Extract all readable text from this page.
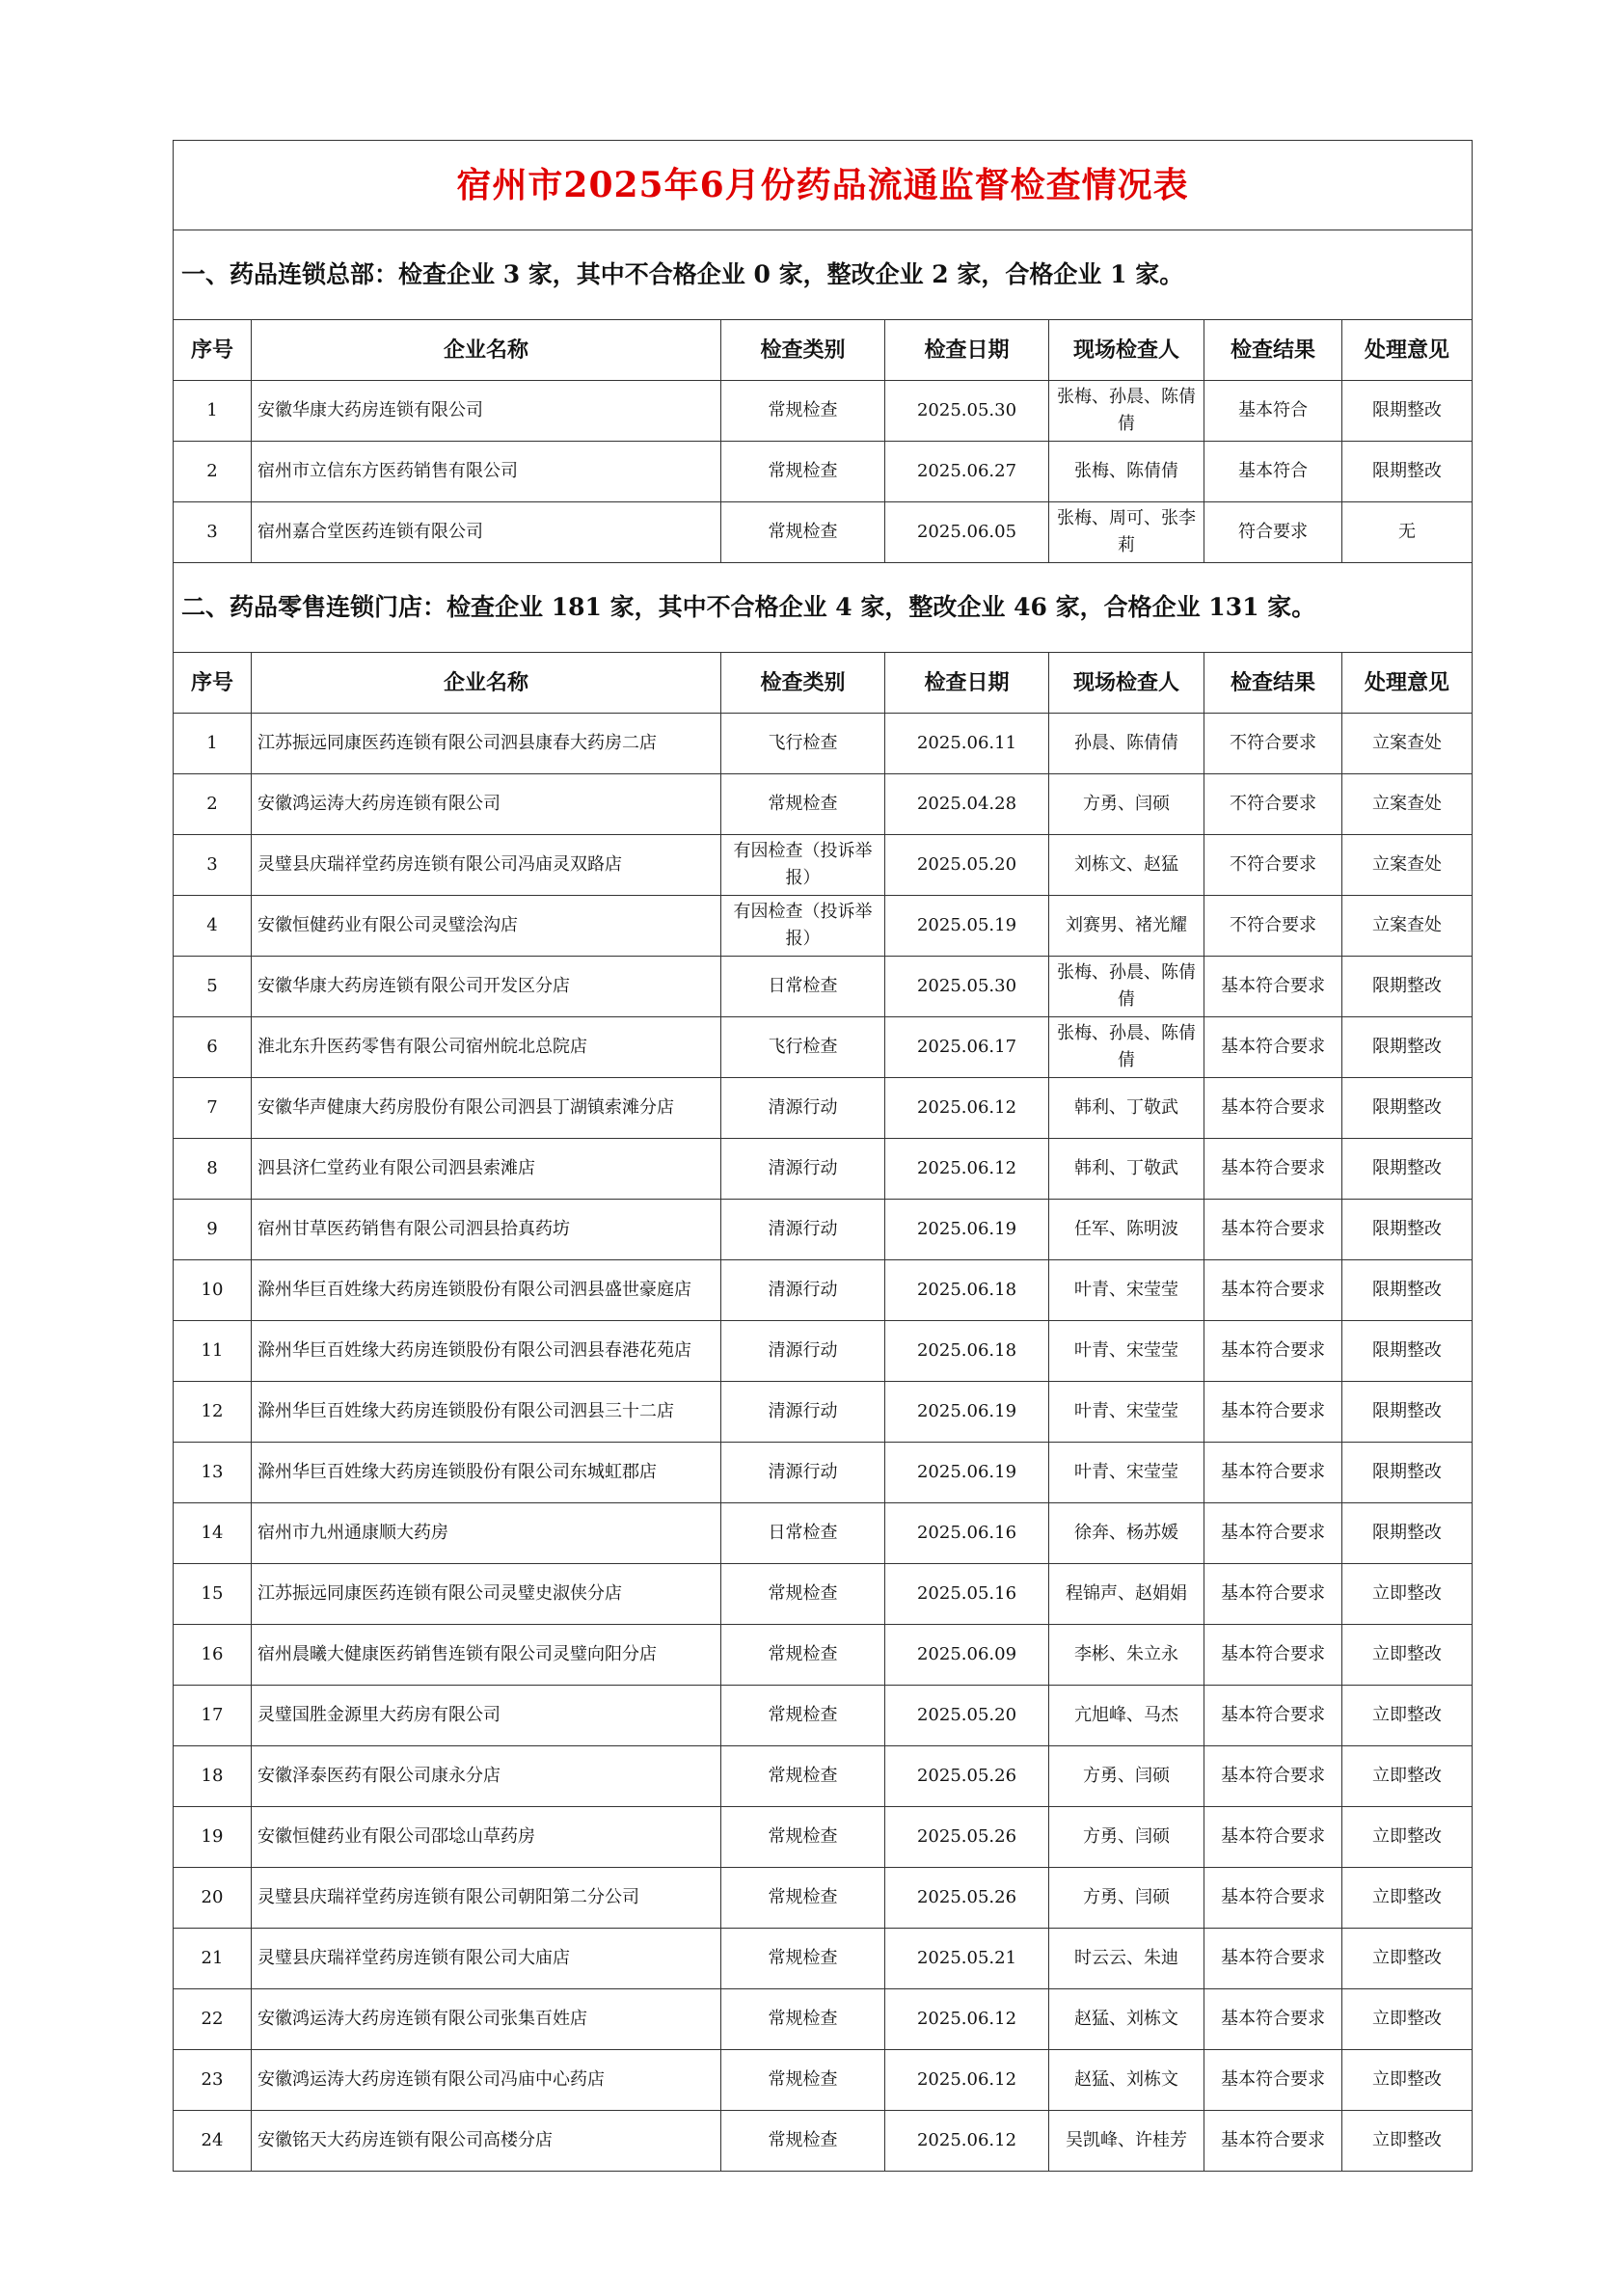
宿州市2025年6月份药品流通监督检查情况表						
一、药品连锁总部：检查企业 3 家，其中不合格企业 0 家，整改企业 2 家，合格企业 1 家。						
序号	企业名称	检查类别	检查日期	现场检查人	检查结果	处理意见
1	安徽华康大药房连锁有限公司	常规检查	2025.05.30	张梅、孙晨、陈倩倩	基本符合	限期整改
2	宿州市立信东方医药销售有限公司	常规检查	2025.06.27	张梅、陈倩倩	基本符合	限期整改
3	宿州嘉合堂医药连锁有限公司	常规检查	2025.06.05	张梅、周可、张李莉	符合要求	无
二、药品零售连锁门店：检查企业 181 家，其中不合格企业 4 家，整改企业 46 家，合格企业 131 家。						
序号	企业名称	检查类别	检查日期	现场检查人	检查结果	处理意见
1	江苏振远同康医药连锁有限公司泗县康春大药房二店	飞行检查	2025.06.11	孙晨、陈倩倩	不符合要求	立案查处
2	安徽鸿运涛大药房连锁有限公司	常规检查	2025.04.28	方勇、闫硕	不符合要求	立案查处
3	灵璧县庆瑞祥堂药房连锁有限公司冯庙灵双路店	有因检查（投诉举报）	2025.05.20	刘栋文、赵猛	不符合要求	立案查处
4	安徽恒健药业有限公司灵璧浍沟店	有因检查（投诉举报）	2025.05.19	刘赛男、褚光耀	不符合要求	立案查处
5	安徽华康大药房连锁有限公司开发区分店	日常检查	2025.05.30	张梅、孙晨、陈倩倩	基本符合要求	限期整改
6	淮北东升医药零售有限公司宿州皖北总院店	飞行检查	2025.06.17	张梅、孙晨、陈倩倩	基本符合要求	限期整改
7	安徽华声健康大药房股份有限公司泗县丁湖镇索滩分店	清源行动	2025.06.12	韩利、丁敬武	基本符合要求	限期整改
8	泗县济仁堂药业有限公司泗县索滩店	清源行动	2025.06.12	韩利、丁敬武	基本符合要求	限期整改
9	宿州甘草医药销售有限公司泗县拾真药坊	清源行动	2025.06.19	任军、陈明波	基本符合要求	限期整改
10	滁州华巨百姓缘大药房连锁股份有限公司泗县盛世豪庭店	清源行动	2025.06.18	叶青、宋莹莹	基本符合要求	限期整改
11	滁州华巨百姓缘大药房连锁股份有限公司泗县春港花苑店	清源行动	2025.06.18	叶青、宋莹莹	基本符合要求	限期整改
12	滁州华巨百姓缘大药房连锁股份有限公司泗县三十二店	清源行动	2025.06.19	叶青、宋莹莹	基本符合要求	限期整改
13	滁州华巨百姓缘大药房连锁股份有限公司东城虹郡店	清源行动	2025.06.19	叶青、宋莹莹	基本符合要求	限期整改
14	宿州市九州通康顺大药房	日常检查	2025.06.16	徐奔、杨苏媛	基本符合要求	限期整改
15	江苏振远同康医药连锁有限公司灵璧史淑侠分店	常规检查	2025.05.16	程锦声、赵娟娟	基本符合要求	立即整改
16	宿州晨曦大健康医药销售连锁有限公司灵璧向阳分店	常规检查	2025.06.09	李彬、朱立永	基本符合要求	立即整改
17	灵璧国胜金源里大药房有限公司	常规检查	2025.05.20	亢旭峰、马杰	基本符合要求	立即整改
18	安徽泽泰医药有限公司康永分店	常规检查	2025.05.26	方勇、闫硕	基本符合要求	立即整改
19	安徽恒健药业有限公司邵埝山草药房	常规检查	2025.05.26	方勇、闫硕	基本符合要求	立即整改
20	灵璧县庆瑞祥堂药房连锁有限公司朝阳第二分公司	常规检查	2025.05.26	方勇、闫硕	基本符合要求	立即整改
21	灵璧县庆瑞祥堂药房连锁有限公司大庙店	常规检查	2025.05.21	时云云、朱迪	基本符合要求	立即整改
22	安徽鸿运涛大药房连锁有限公司张集百姓店	常规检查	2025.06.12	赵猛、刘栋文	基本符合要求	立即整改
23	安徽鸿运涛大药房连锁有限公司冯庙中心药店	常规检查	2025.06.12	赵猛、刘栋文	基本符合要求	立即整改
24	安徽铭天大药房连锁有限公司高楼分店	常规检查	2025.06.12	吴凯峰、许桂芳	基本符合要求	立即整改
